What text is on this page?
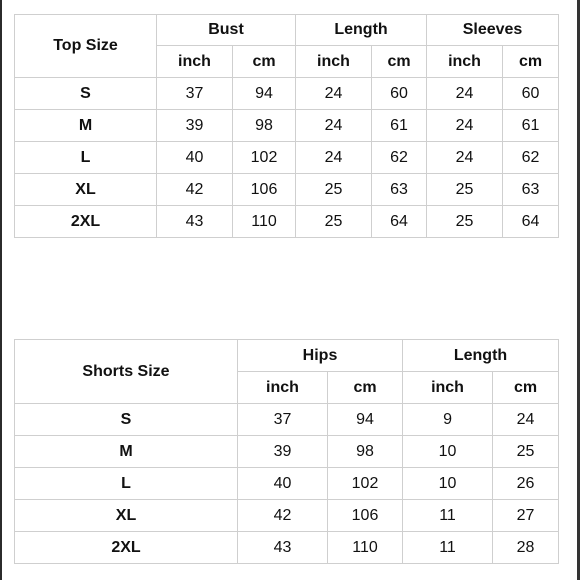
Top Size	Bust		Length		Sleeves	
	inch	cm	inch	cm	inch	cm
S	37	94	24	60	24	60
M	39	98	24	61	24	61
L	40	102	24	62	24	62
XL	42	106	25	63	25	63
2XL	43	110	25	64	25	64
Shorts Size	Hips		Length	
	inch	cm	inch	cm
S	37	94	9	24
M	39	98	10	25
L	40	102	10	26
XL	42	106	11	27
2XL	43	110	11	28
